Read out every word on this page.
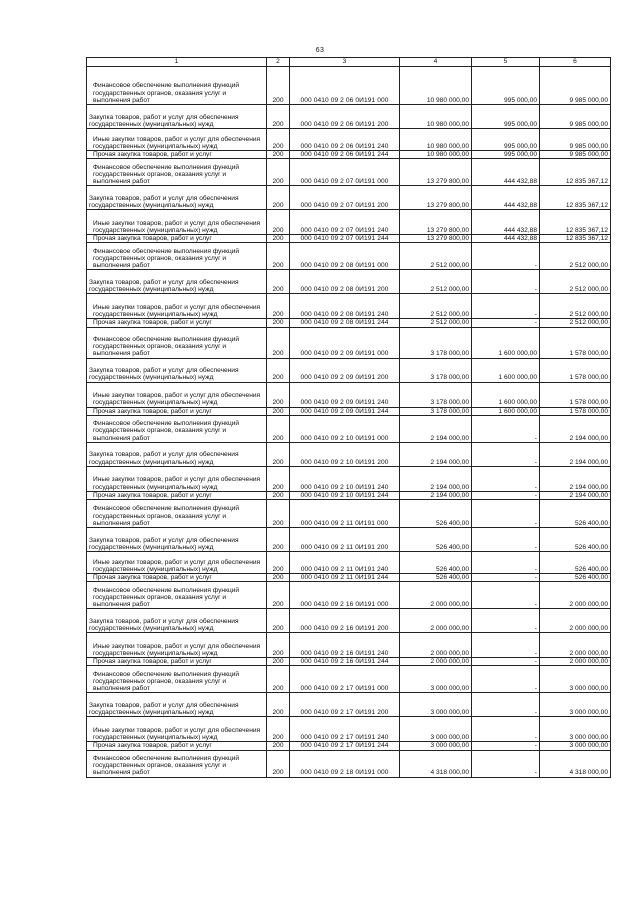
63
1	2	3	4	5	6
Финансовое обеспечение выполнения функций государственных органов, оказания услуг и выполнения работ	200	000 0410 09 2 06 0И191 000	10 980 000,00	995 000,00	9 985 000,00
Закупка товаров, работ и услуг для обеспечения государственных (муниципальных) нужд	200	000 0410 09 2 06 0И191 200	10 980 000,00	995 000,00	9 985 000,00
Иные закупки товаров, работ и услуг для обеспечения государственных (муниципальных) нужд	200	000 0410 09 2 06 0И191 240	10 980 000,00	995 000,00	9 985 000,00
Прочая закупка товаров, работ и услуг	200	000 0410 09 2 06 0И191 244	10 980 000,00	995 000,00	9 985 000,00
Финансовое обеспечение выполнения функций государственных органов, оказания услуг и выполнения работ	200	000 0410 09 2 07 0И191 000	13 279 800,00	444 432,88	12 835 367,12
Закупка товаров, работ и услуг для обеспечения государственных (муниципальных) нужд	200	000 0410 09 2 07 0И191 200	13 279 800,00	444 432,88	12 835 367,12
Иные закупки товаров, работ и услуг для обеспечения государственных (муниципальных) нужд	200	000 0410 09 2 07 0И191 240	13 279 800,00	444 432,88	12 835 367,12
Прочая закупка товаров, работ и услуг	200	000 0410 09 2 07 0И191 244	13 279 800,00	444 432,88	12 835 367,12
Финансовое обеспечение выполнения функций государственных органов, оказания услуг и выполнения работ	200	000 0410 09 2 08 0И191 000	2 512 000,00	-	2 512 000,00
Закупка товаров, работ и услуг для обеспечения государственных (муниципальных) нужд	200	000 0410 09 2 08 0И191 200	2 512 000,00	-	2 512 000,00
Иные закупки товаров, работ и услуг для обеспечения государственных (муниципальных) нужд	200	000 0410 09 2 08 0И191 240	2 512 000,00	-	2 512 000,00
Прочая закупка товаров, работ и услуг	200	000 0410 09 2 08 0И191 244	2 512 000,00	-	2 512 000,00
Финансовое обеспечение выполнения функций государственных органов, оказания услуг и выполнения работ	200	000 0410 09 2 09 0И191 000	3 178 000,00	1 600 000,00	1 578 000,00
Закупка товаров, работ и услуг для обеспечения государственных (муниципальных) нужд	200	000 0410 09 2 09 0И191 200	3 178 000,00	1 600 000,00	1 578 000,00
Иные закупки товаров, работ и услуг для обеспечения государственных (муниципальных) нужд	200	000 0410 09 2 09 0И191 240	3 178 000,00	1 600 000,00	1 578 000,00
Прочая закупка товаров, работ и услуг	200	000 0410 09 2 09 0И191 244	3 178 000,00	1 600 000,00	1 578 000,00
Финансовое обеспечение выполнения функций государственных органов, оказания услуг и выполнения работ	200	000 0410 09 2 10 0И191 000	2 194 000,00	-	2 194 000,00
Закупка товаров, работ и услуг для обеспечения государственных (муниципальных) нужд	200	000 0410 09 2 10 0И191 200	2 194 000,00	-	2 194 000,00
Иные закупки товаров, работ и услуг для обеспечения государственных (муниципальных) нужд	200	000 0410 09 2 10 0И191 240	2 194 000,00	-	2 194 000,00
Прочая закупка товаров, работ и услуг	200	000 0410 09 2 10 0И191 244	2 194 000,00	-	2 194 000,00
Финансовое обеспечение выполнения функций государственных органов, оказания услуг и выполнения работ	200	000 0410 09 2 11 0И191 000	526 400,00	-	526 400,00
Закупка товаров, работ и услуг для обеспечения государственных (муниципальных) нужд	200	000 0410 09 2 11 0И191 200	526 400,00	-	526 400,00
Иные закупки товаров, работ и услуг для обеспечения государственных (муниципальных) нужд	200	000 0410 09 2 11 0И191 240	526 400,00	-	526 400,00
Прочая закупка товаров, работ и услуг	200	000 0410 09 2 11 0И191 244	526 400,00	-	526 400,00
Финансовое обеспечение выполнения функций государственных органов, оказания услуг и выполнения работ	200	000 0410 09 2 16 0И191 000	2 000 000,00	-	2 000 000,00
Закупка товаров, работ и услуг для обеспечения государственных (муниципальных) нужд	200	000 0410 09 2 16 0И191 200	2 000 000,00	-	2 000 000,00
Иные закупки товаров, работ и услуг для обеспечения государственных (муниципальных) нужд	200	000 0410 09 2 16 0И191 240	2 000 000,00	-	2 000 000,00
Прочая закупка товаров, работ и услуг	200	000 0410 09 2 16 0И191 244	2 000 000,00	-	2 000 000,00
Финансовое обеспечение выполнения функций государственных органов, оказания услуг и выполнения работ	200	000 0410 09 2 17 0И191 000	3 000 000,00	-	3 000 000,00
Закупка товаров, работ и услуг для обеспечения государственных (муниципальных) нужд	200	000 0410 09 2 17 0И191 200	3 000 000,00	-	3 000 000,00
Иные закупки товаров, работ и услуг для обеспечения государственных (муниципальных) нужд	200	000 0410 09 2 17 0И191 240	3 000 000,00	-	3 000 000,00
Прочая закупка товаров, работ и услуг	200	000 0410 09 2 17 0И191 244	3 000 000,00	-	3 000 000,00
Финансовое обеспечение выполнения функций государственных органов, оказания услуг и выполнения работ	200	000 0410 09 2 18 0И191 000	4 318 000,00	-	4 318 000,00
